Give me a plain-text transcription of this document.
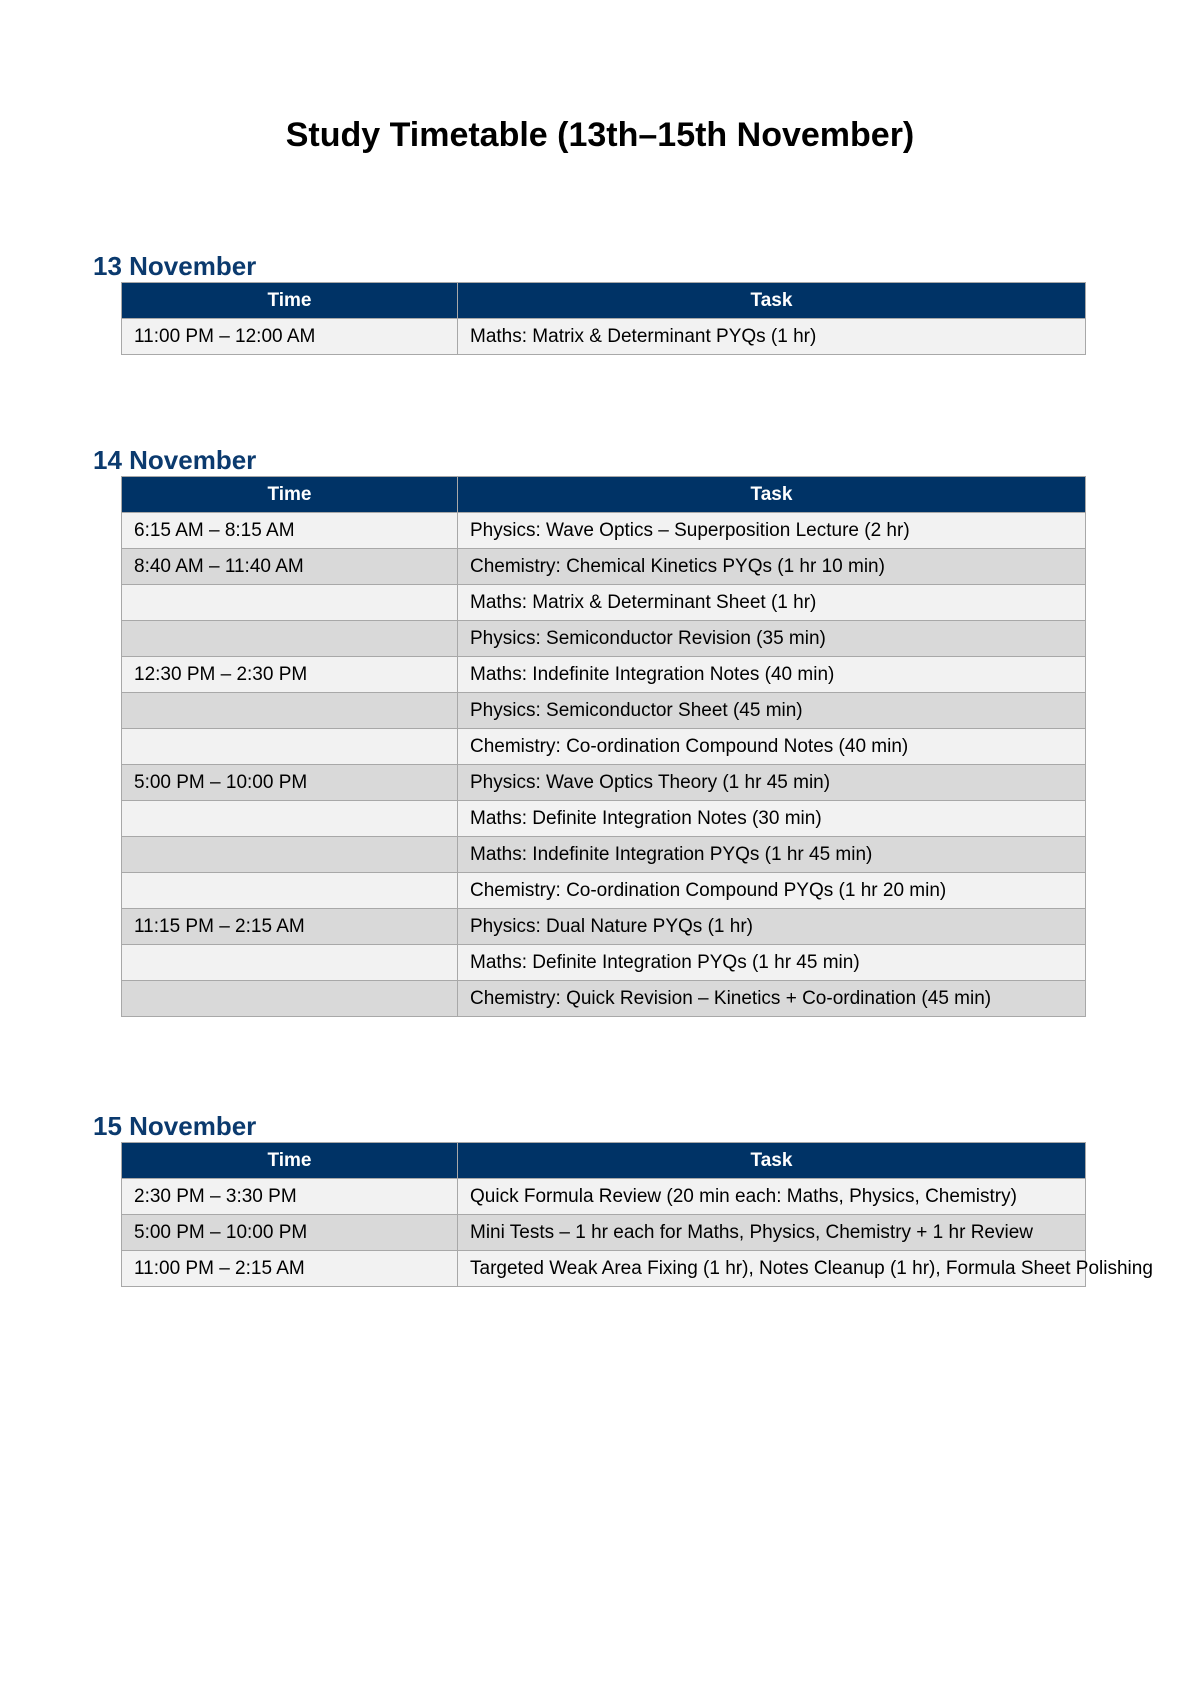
Study Timetable (13th–15th November)
13 November
Time	Task
11:00 PM – 12:00 AM	Maths: Matrix & Determinant PYQs (1 hr)
14 November
Time	Task
6:15 AM – 8:15 AM	Physics: Wave Optics – Superposition Lecture (2 hr)
8:40 AM – 11:40 AM	Chemistry: Chemical Kinetics PYQs (1 hr 10 min)
	Maths: Matrix & Determinant Sheet (1 hr)
	Physics: Semiconductor Revision (35 min)
12:30 PM – 2:30 PM	Maths: Indefinite Integration Notes (40 min)
	Physics: Semiconductor Sheet (45 min)
	Chemistry: Co-ordination Compound Notes (40 min)
5:00 PM – 10:00 PM	Physics: Wave Optics Theory (1 hr 45 min)
	Maths: Definite Integration Notes (30 min)
	Maths: Indefinite Integration PYQs (1 hr 45 min)
	Chemistry: Co-ordination Compound PYQs (1 hr 20 min)
11:15 PM – 2:15 AM	Physics: Dual Nature PYQs (1 hr)
	Maths: Definite Integration PYQs (1 hr 45 min)
	Chemistry: Quick Revision – Kinetics + Co-ordination (45 min)
15 November
Time	Task
2:30 PM – 3:30 PM	Quick Formula Review (20 min each: Maths, Physics, Chemistry)
5:00 PM – 10:00 PM	Mini Tests – 1 hr each for Maths, Physics, Chemistry + 1 hr Review
11:00 PM – 2:15 AM	Targeted Weak Area Fixing (1 hr), Notes Cleanup (1 hr), Formula Sheet Polishing
